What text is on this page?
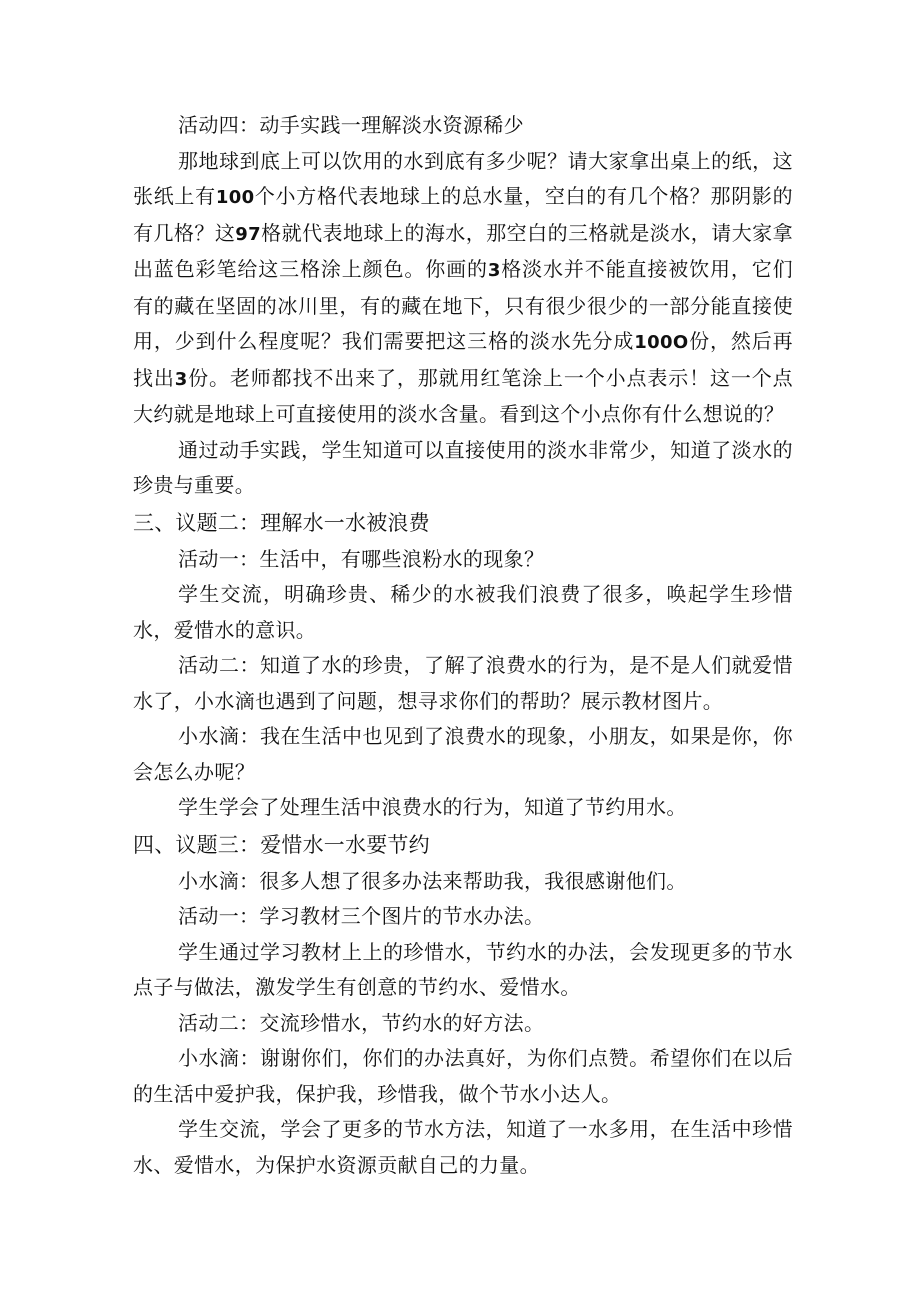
活动四：动手实践一理解淡水资源稀少

那地球到底上可以饮用的水到底有多少呢？请大家拿出桌上的纸，这张纸上有100个小方格代表地球上的总水量，空白的有几个格？那阴影的有几格？这97格就代表地球上的海水，那空白的三格就是淡水，请大家拿出蓝色彩笔给这三格涂上颜色。你画的3格淡水并不能直接被饮用，它们有的藏在坚固的冰川里，有的藏在地下，只有很少很少的一部分能直接使用，少到什么程度呢？我们需要把这三格的淡水先分成100O份，然后再找出3份。老师都找不出来了，那就用红笔涂上一个小点表示！这一个点大约就是地球上可直接使用的淡水含量。看到这个小点你有什么想说的？

通过动手实践，学生知道可以直接使用的淡水非常少，知道了淡水的珍贵与重要。

三、议题二：理解水一水被浪费

活动一：生活中，有哪些浪粉水的现象？

学生交流，明确珍贵、稀少的水被我们浪费了很多，唤起学生珍惜水，爱惜水的意识。

活动二：知道了水的珍贵，了解了浪费水的行为，是不是人们就爱惜水了，小水滴也遇到了问题，想寻求你们的帮助？展示教材图片。

小水滴：我在生活中也见到了浪费水的现象，小朋友，如果是你，你会怎么办呢？

学生学会了处理生活中浪费水的行为，知道了节约用水。

四、议题三：爱惜水一水要节约

小水滴：很多人想了很多办法来帮助我，我很感谢他们。

活动一：学习教材三个图片的节水办法。

学生通过学习教材上上的珍惜水，节约水的办法，会发现更多的节水点子与做法，激发学生有创意的节约水、爱惜水。

活动二：交流珍惜水，节约水的好方法。

小水滴：谢谢你们，你们的办法真好，为你们点赞。希望你们在以后的生活中爱护我，保护我，珍惜我，做个节水小达人。

学生交流，学会了更多的节水方法，知道了一水多用，在生活中珍惜水、爱惜水，为保护水资源贡献自己的力量。
